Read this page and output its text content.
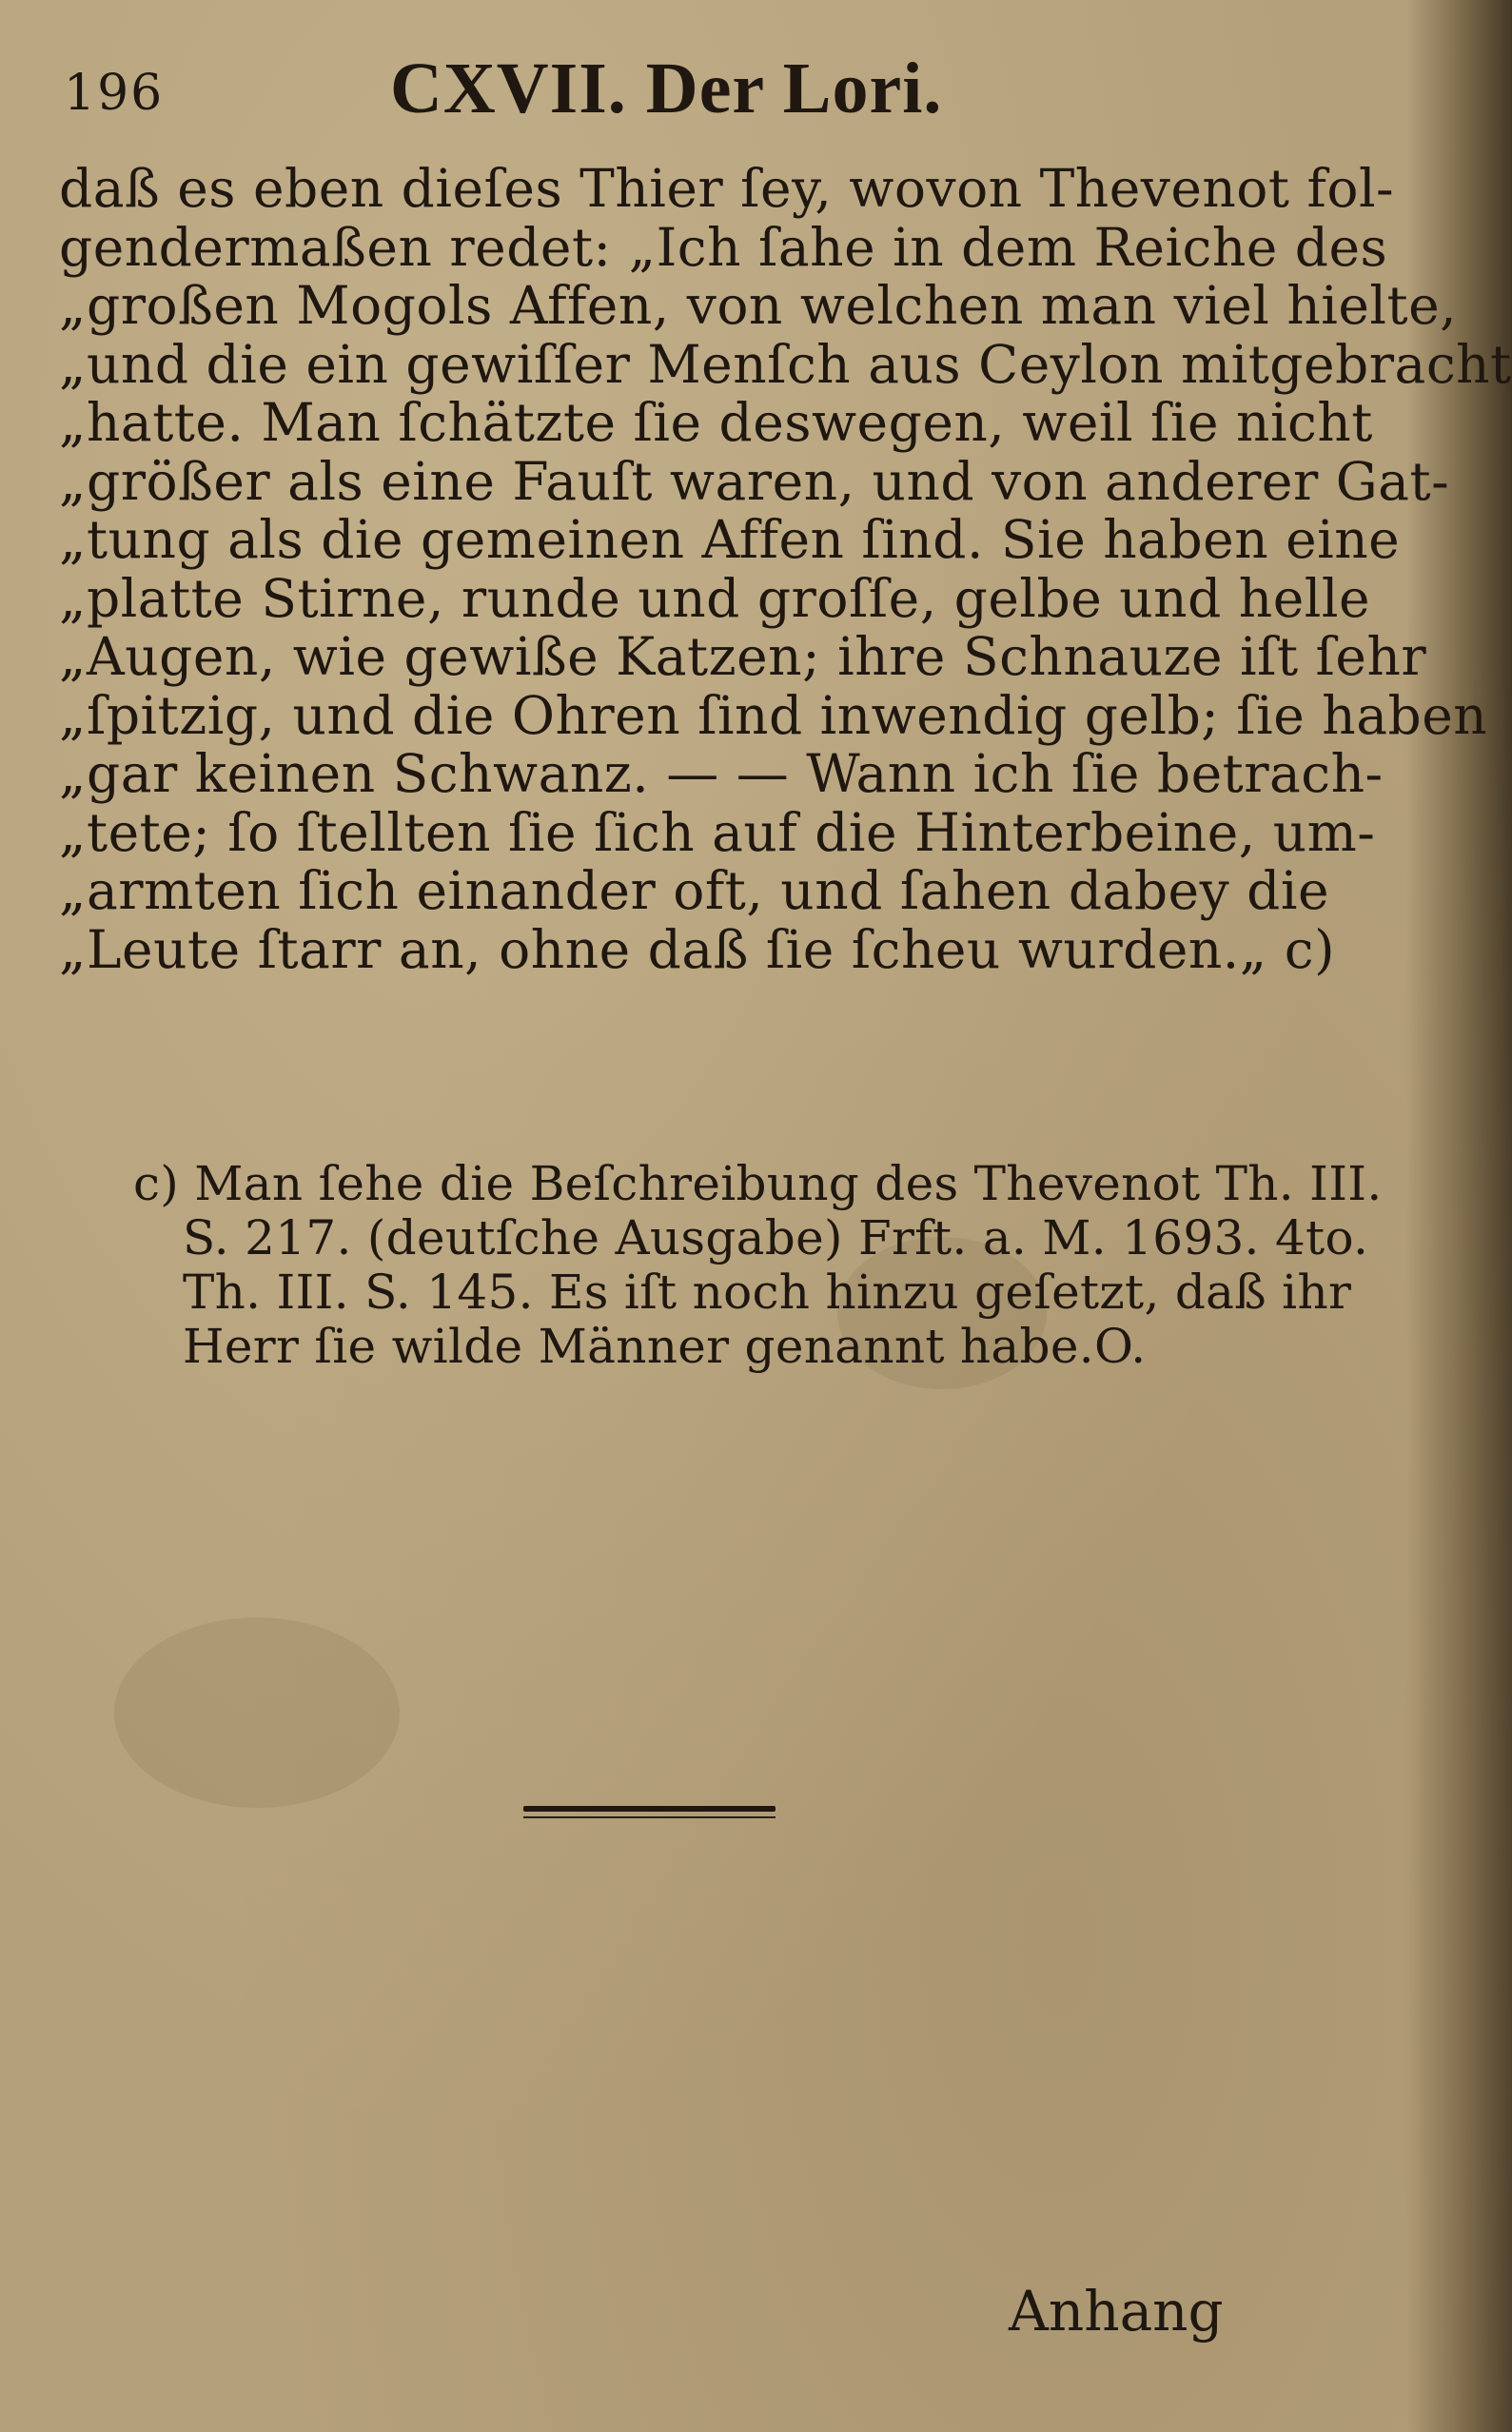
196	CXVII. Der Lori.
daß es eben dieſes Thier ſey, wovon Thevenot fol-
gendermaßen redet: „Ich ſahe in dem Reiche des
„großen Mogols Affen, von welchen man viel hielte,
„und die ein gewiſſer Menſch aus Ceylon mitgebracht
„hatte. Man ſchätzte ſie deswegen, weil ſie nicht
„größer als eine Fauſt waren, und von anderer Gat-
„tung als die gemeinen Affen ſind. Sie haben eine
„platte Stirne, runde und groſſe, gelbe und helle
„Augen, wie gewiße Katzen; ihre Schnauze iſt ſehr
„ſpitzig, und die Ohren ſind inwendig gelb; ſie haben
„gar keinen Schwanz. — — Wann ich ſie betrach-
„tete; ſo ſtellten ſie ſich auf die Hinterbeine, um-
„armten ſich einander oft, und ſahen dabey die
„Leute ſtarr an, ohne daß ſie ſcheu wurden.„ c)
c) Man ſehe die Beſchreibung des Thevenot Th. III.
S. 217. (deutſche Ausgabe) Frft. a. M. 1693. 4to.
Th. III. S. 145. Es iſt noch hinzu geſetzt, daß ihr
Herr ſie wilde Männer genannt habe. O.
Anhang
